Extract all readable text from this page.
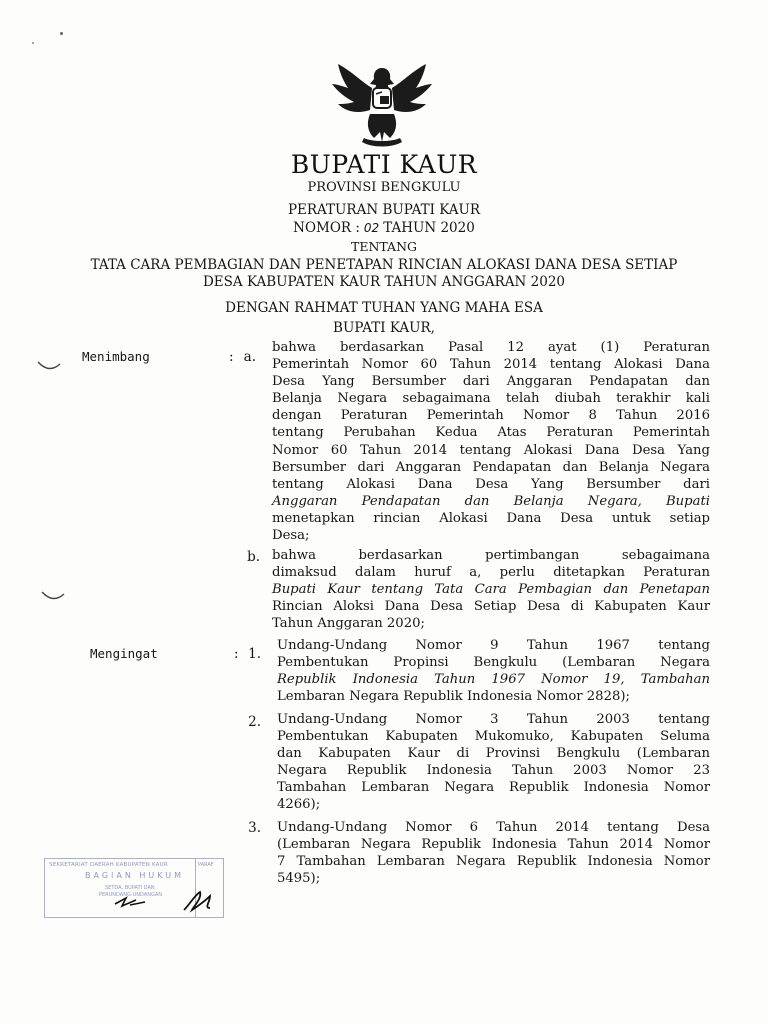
BUPATI KAUR
PROVINSI BENGKULU
PERATURAN BUPATI KAUR
NOMOR : 02 TAHUN 2020
TENTANG
TATA CARA PEMBAGIAN DAN PENETAPAN RINCIAN ALOKASI DANA DESA SETIAP
DESA KABUPATEN KAUR TAHUN ANGGARAN 2020
DENGAN RAHMAT TUHAN YANG MAHA ESA
BUPATI KAUR,
Menimbang	: a.
bahwa berdasarkan Pasal 12 ayat (1) Peraturan
Pemerintah Nomor 60 Tahun 2014 tentang Alokasi Dana
Desa Yang Bersumber dari Anggaran Pendapatan dan
Belanja Negara sebagaimana telah diubah terakhir kali
dengan Peraturan Pemerintah Nomor 8 Tahun 2016
tentang Perubahan Kedua Atas Peraturan Pemerintah
Nomor 60 Tahun 2014 tentang Alokasi Dana Desa Yang
Bersumber dari Anggaran Pendapatan dan Belanja Negara
tentang Alokasi Dana Desa Yang Bersumber dari
Anggaran Pendapatan dan Belanja Negara, Bupati
menetapkan rincian Alokasi Dana Desa untuk setiap
Desa;
b. bahwa berdasarkan pertimbangan sebagaimana
dimaksud dalam huruf a, perlu ditetapkan Peraturan
Bupati Kaur tentang Tata Cara Pembagian dan Penetapan
Rincian Aloksi Dana Desa Setiap Desa di Kabupaten Kaur
Tahun Anggaran 2020;
Mengingat	: 1.
Undang-Undang Nomor 9 Tahun 1967 tentang
Pembentukan Propinsi Bengkulu (Lembaran Negara
Republik Indonesia Tahun 1967 Nomor 19, Tambahan
Lembaran Negara Republik Indonesia Nomor 2828);
2. Undang-Undang Nomor 3 Tahun 2003 tentang
Pembentukan Kabupaten Mukomuko, Kabupaten Seluma
dan Kabupaten Kaur di Provinsi Bengkulu (Lembaran
Negara Republik Indonesia Tahun 2003 Nomor 23
Tambahan Lembaran Negara Republik Indonesia Nomor
4266);
3. Undang-Undang Nomor 6 Tahun 2014 tentang Desa
(Lembaran Negara Republik Indonesia Tahun 2014 Nomor
7 Tambahan Lembaran Negara Republik Indonesia Nomor
5495);
SEKRETARIAT DAERAH KABUPATEN KAUR
BAGIAN HUKUM
SETDA, BUPATI DAN
PERUNDANG-UNDANGAN
PARAF
